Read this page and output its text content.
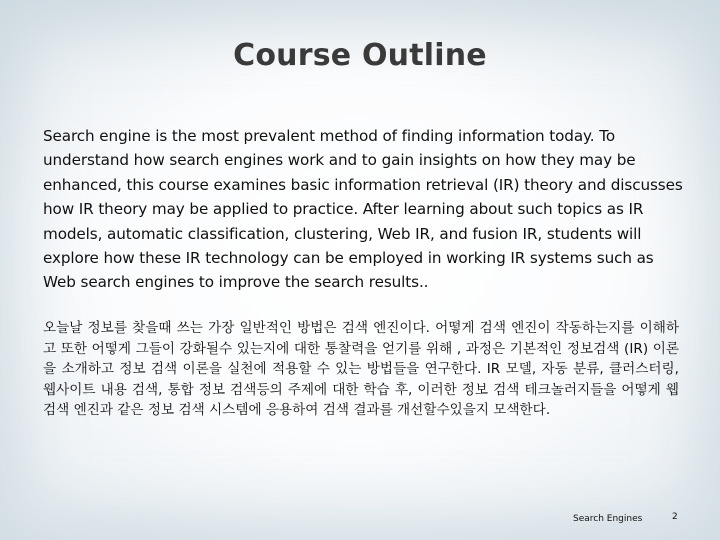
Course Outline

Search engine is the most prevalent method of finding information today. To understand how search engines work and to gain insights on how they may be enhanced, this course examines basic information retrieval (IR) theory and discusses how IR theory may be applied to practice. After learning about such topics as IR models, automatic classification, clustering, Web IR, and fusion IR, students will explore how these IR technology can be employed in working IR systems such as Web search engines to improve the search results..

오늘날 정보를 찾을때 쓰는 가장 일반적인 방법은 검색 엔진이다. 어떻게 검색 엔진이 작동하는지를 이해하고 또한 어떻게 그들이 강화될수 있는지에 대한 통찰력을 얻기를 위해 , 과정은 기본적인 정보검색 (IR) 이론을 소개하고 정보 검색 이론을 실천에 적용할 수 있는 방법들을 연구한다. IR 모델, 자동 분류, 클러스터링, 웹사이트 내용 검색, 통합 정보 검색등의 주제에 대한 학습 후, 이러한 정보 검색 테크놀러지들을 어떻게 웹 검색 엔진과 같은 정보 검색 시스템에 응용하여 검색 결과를 개선할수있을지 모색한다.

Search Engines	2
